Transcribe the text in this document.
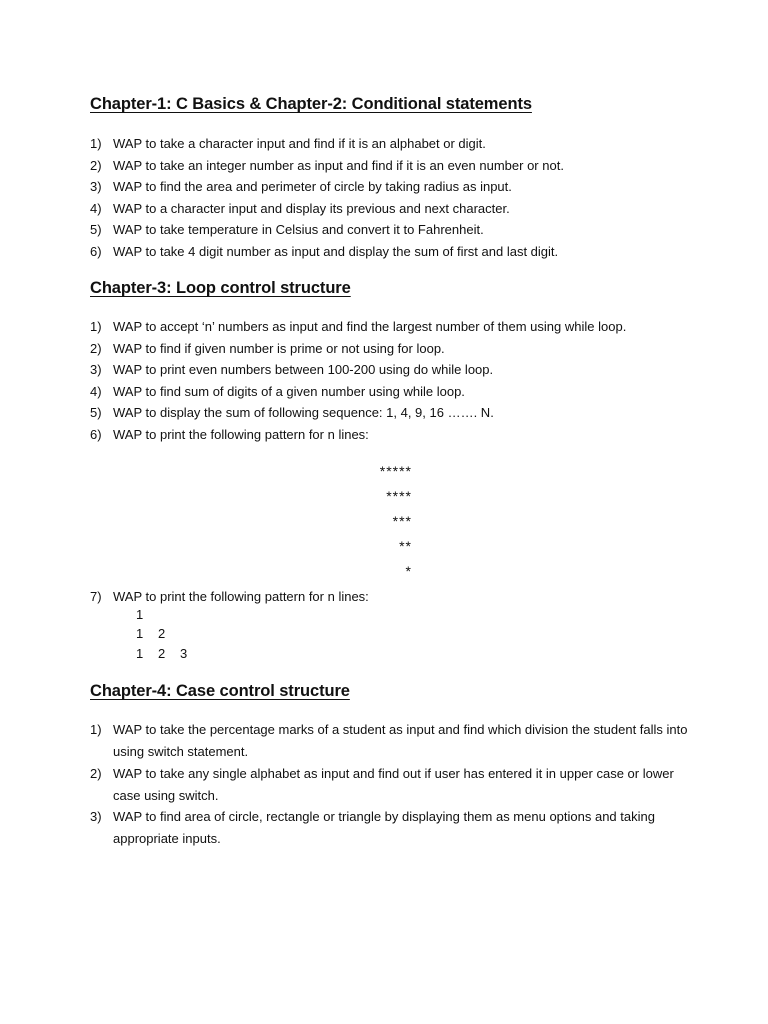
Chapter-1: C Basics & Chapter-2: Conditional statements
1) WAP to take a character input and find if it is an alphabet or digit.
2) WAP to take an integer number as input and find if it is an even number or not.
3) WAP to find the area and perimeter of circle by taking radius as input.
4) WAP to a character input and display its previous and next character.
5) WAP to take temperature in Celsius and convert it to Fahrenheit.
6) WAP to take 4 digit number as input and display the sum of first and last digit.
Chapter-3: Loop control structure
1) WAP to accept ‘n’ numbers as input and find the largest number of them using while loop.
2) WAP to find if given number is prime or not using for loop.
3) WAP to print even numbers between 100-200 using do while loop.
4) WAP to find sum of digits of a given number using while loop.
5) WAP to display the sum of following sequence: 1, 4, 9, 16 ……. N.
6) WAP to print the following pattern for n lines:
*****
****
***
**
*
7) WAP to print the following pattern for n lines:
1
1 2
1 2 3
Chapter-4: Case control structure
1) WAP to take the percentage marks of a student as input and find which division the student falls into using switch statement.
2) WAP to take any single alphabet as input and find out if user has entered it in upper case or lower case using switch.
3) WAP to find area of circle, rectangle or triangle by displaying them as menu options and taking appropriate inputs.
